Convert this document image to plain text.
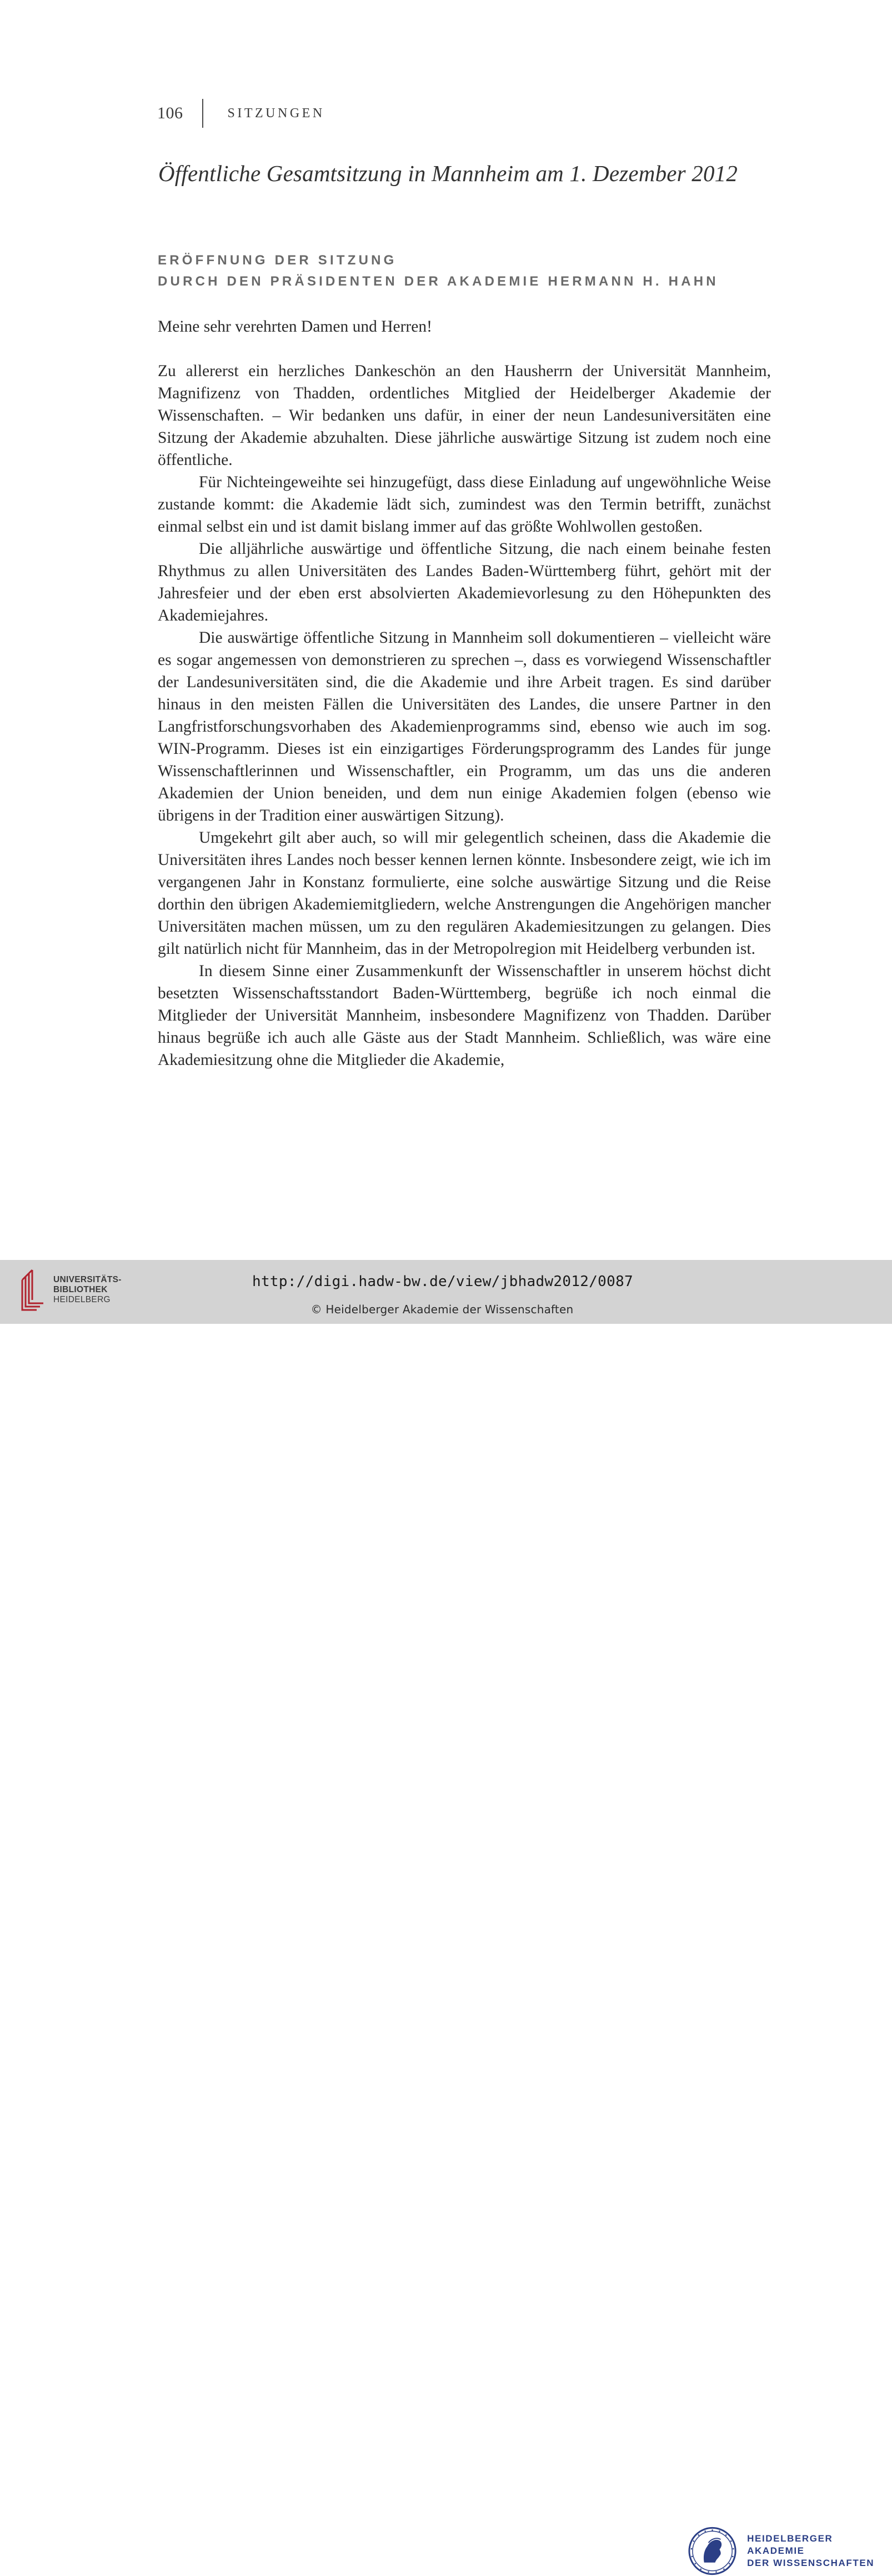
106	SITZUNGEN
Öffentliche Gesamtsitzung in Mannheim am 1. Dezember 2012
ERÖFFNUNG DER SITZUNG
DURCH DEN PRÄSIDENTEN DER AKADEMIE HERMANN H. HAHN

Meine sehr verehrten Damen und Herren!

Zu allererst ein herzliches Dankeschön an den Hausherrn der Universität Mannheim, Magnifizenz von Thadden, ordentliches Mitglied der Heidelberger Akademie der Wissenschaften. – Wir bedanken uns dafür, in einer der neun Landesuniversitäten eine Sitzung der Akademie abzuhalten. Diese jährliche auswärtige Sitzung ist zudem noch eine öffentliche.

Für Nichteingeweihte sei hinzugefügt, dass diese Einladung auf ungewöhnliche Weise zustande kommt: die Akademie lädt sich, zumindest was den Termin betrifft, zunächst einmal selbst ein und ist damit bislang immer auf das größte Wohlwollen gestoßen.

Die alljährliche auswärtige und öffentliche Sitzung, die nach einem beinahe festen Rhythmus zu allen Universitäten des Landes Baden-Württemberg führt, gehört mit der Jahresfeier und der eben erst absolvierten Akademievorlesung zu den Höhepunkten des Akademiejahres.

Die auswärtige öffentliche Sitzung in Mannheim soll dokumentieren – vielleicht wäre es sogar angemessen von demonstrieren zu sprechen –, dass es vorwiegend Wissenschaftler der Landesuniversitäten sind, die die Akademie und ihre Arbeit tragen. Es sind darüber hinaus in den meisten Fällen die Universitäten des Landes, die unsere Partner in den Langfristforschungsvorhaben des Akademienprogramms sind, ebenso wie auch im sog. WIN-Programm. Dieses ist ein einzigartiges Förderungsprogramm des Landes für junge Wissenschaftlerinnen und Wissenschaftler, ein Programm, um das uns die anderen Akademien der Union beneiden, und dem nun einige Akademien folgen (ebenso wie übrigens in der Tradition einer auswärtigen Sitzung).

Umgekehrt gilt aber auch, so will mir gelegentlich scheinen, dass die Akademie die Universitäten ihres Landes noch besser kennen lernen könnte. Insbesondere zeigt, wie ich im vergangenen Jahr in Konstanz formulierte, eine solche auswärtige Sitzung und die Reise dorthin den übrigen Akademiemitgliedern, welche Anstrengungen die Angehörigen mancher Universitäten machen müssen, um zu den regulären Akademiesitzungen zu gelangen. Dies gilt natürlich nicht für Mannheim, das in der Metropolregion mit Heidelberg verbunden ist.

In diesem Sinne einer Zusammenkunft der Wissenschaftler in unserem höchst dicht besetzten Wissenschaftsstandort Baden-Württemberg, begrüße ich noch einmal die Mitglieder der Universität Mannheim, insbesondere Magnifizenz von Thadden. Darüber hinaus begrüße ich auch alle Gäste aus der Stadt Mannheim. Schließlich, was wäre eine Akademiesitzung ohne die Mitglieder die Akademie,

UNIVERSITÄTS-
BIBLIOTHEK
HEIDELBERG
HEIDELBERGER AKADEMIE
DER WISSENSCHAFTEN
http://digi.hadw-bw.de/view/jbhadw2012/0087
© Heidelberger Akademie der Wissenschaften
